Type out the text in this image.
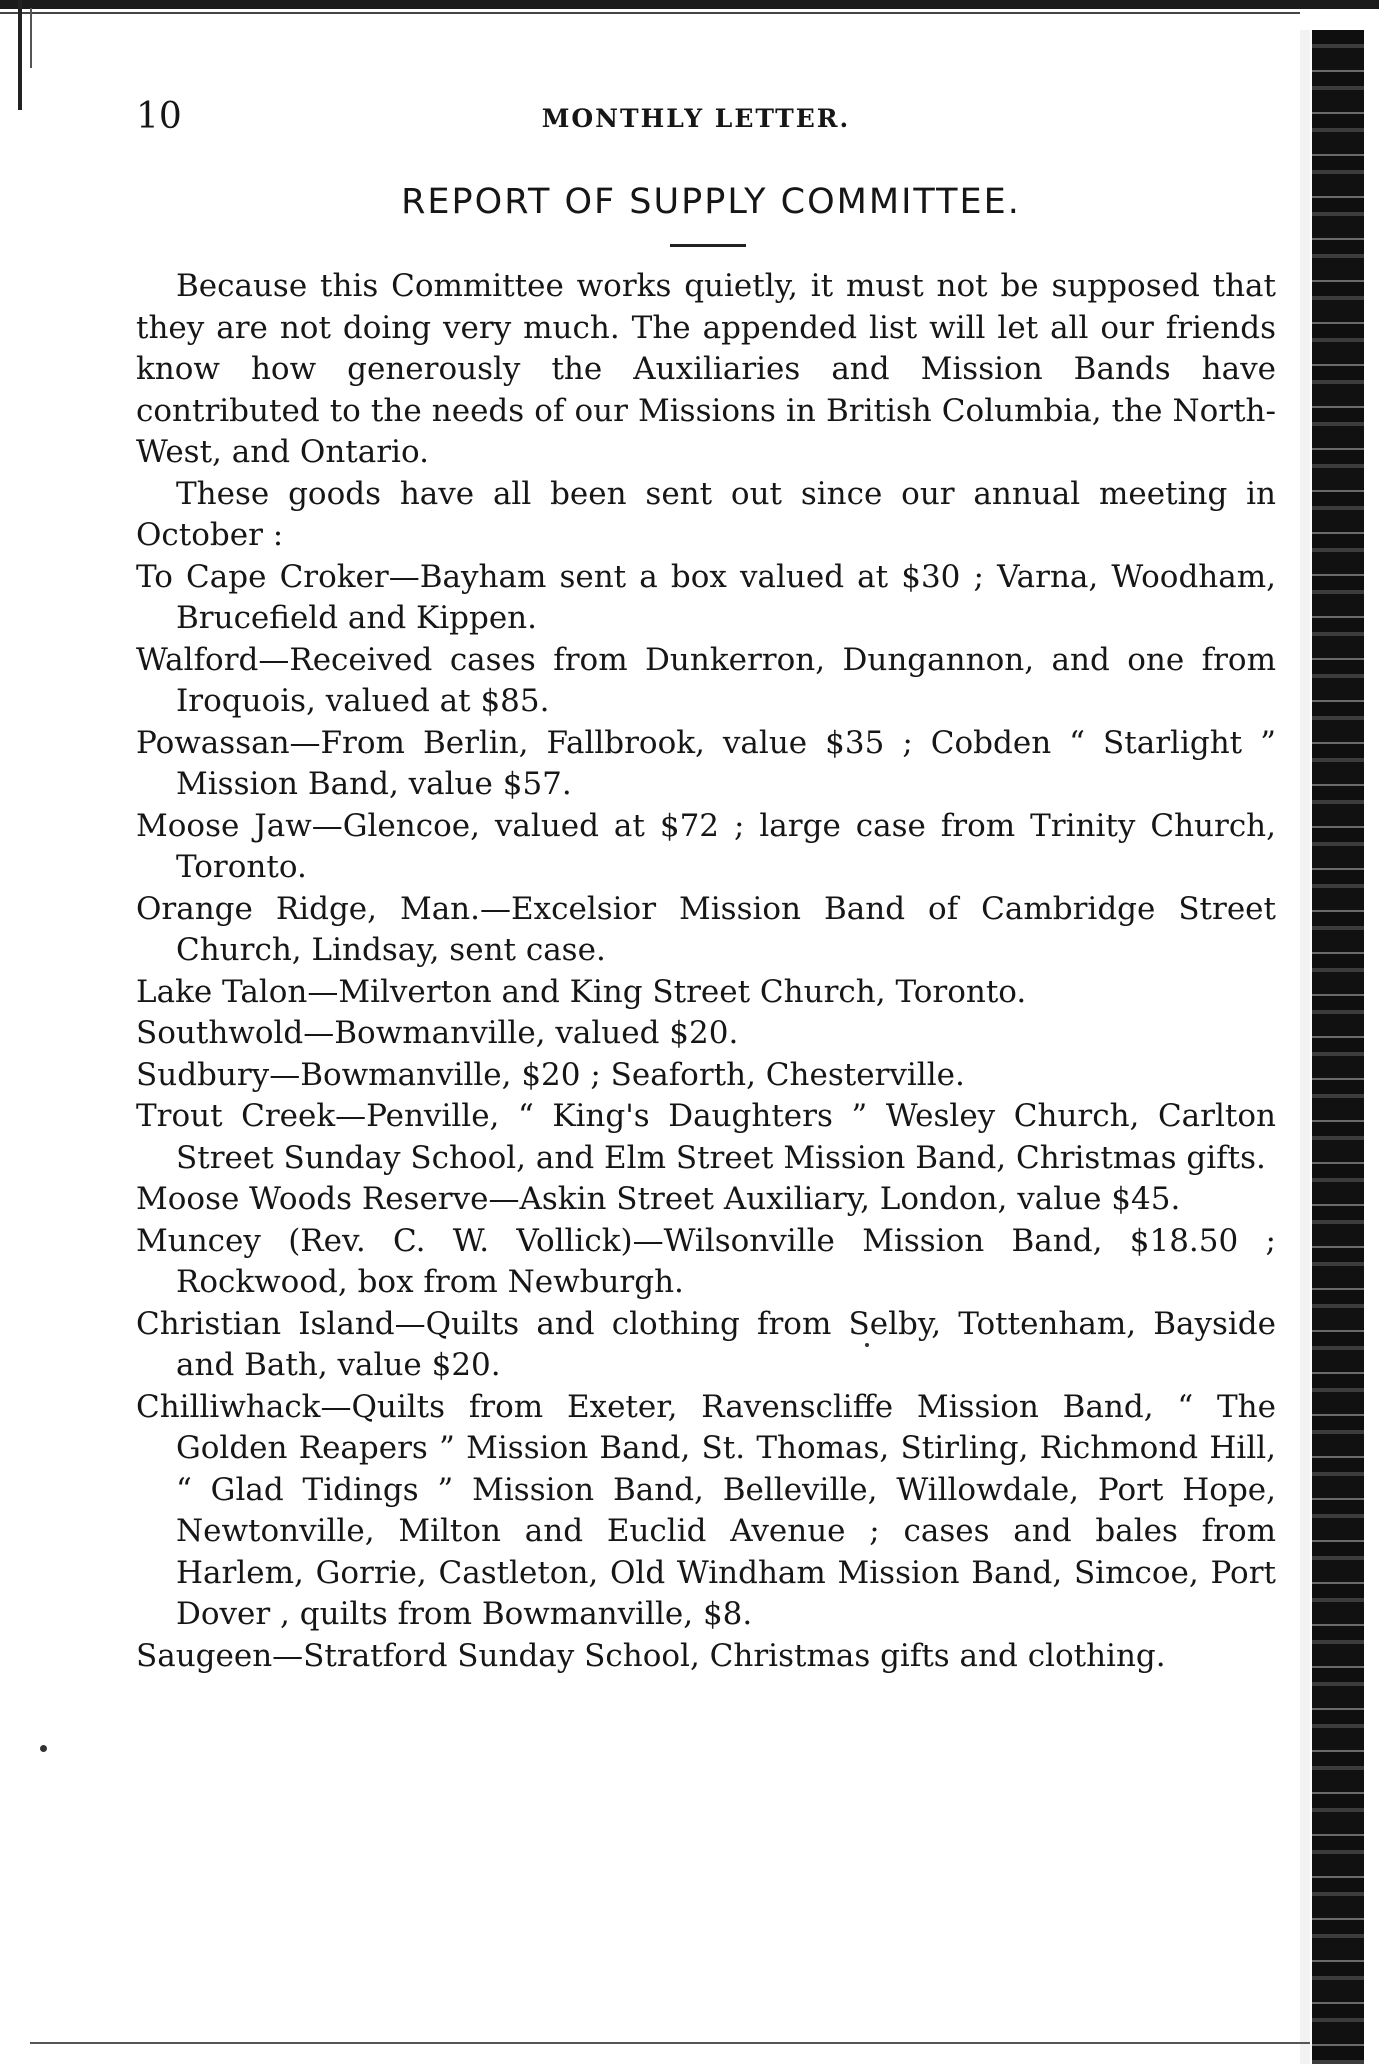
10	MONTHLY LETTER.
REPORT OF SUPPLY COMMITTEE.

Because this Committee works quietly, it must not be supposed that they are not doing very much. The appended list will let all our friends know how generously the Auxiliaries and Mission Bands have contributed to the needs of our Missions in British Columbia, the North-West, and Ontario.

These goods have all been sent out since our annual meeting in October :

To Cape Croker—Bayham sent a box valued at $30 ; Varna, Woodham, Brucefield and Kippen.

Walford—Received cases from Dunkerron, Dungannon, and one from Iroquois, valued at $85.

Powassan—From Berlin, Fallbrook, value $35 ; Cobden “ Starlight ” Mission Band, value $57.

Moose Jaw—Glencoe, valued at $72 ; large case from Trinity Church, Toronto.

Orange Ridge, Man.—Excelsior Mission Band of Cambridge Street Church, Lindsay, sent case.

Lake Talon—Milverton and King Street Church, Toronto.

Southwold—Bowmanville, valued $20.

Sudbury—Bowmanville, $20 ; Seaforth, Chesterville.

Trout Creek—Penville, “ King's Daughters ” Wesley Church, Carlton Street Sunday School, and Elm Street Mission Band, Christmas gifts.

Moose Woods Reserve—Askin Street Auxiliary, London, value $45.

Muncey (Rev. C. W. Vollick)—Wilsonville Mission Band, $18.50 ; Rockwood, box from Newburgh.

Christian Island—Quilts and clothing from Selby, Tottenham, Bayside and Bath, value $20.

Chilliwhack—Quilts from Exeter, Ravenscliffe Mission Band, “ The Golden Reapers ” Mission Band, St. Thomas, Stirling, Richmond Hill, “ Glad Tidings ” Mission Band, Belleville, Willowdale, Port Hope, Newtonville, Milton and Euclid Avenue ; cases and bales from Harlem, Gorrie, Castleton, Old Windham Mission Band, Simcoe, Port Dover , quilts from Bowmanville, $8.

Saugeen—Stratford Sunday School, Christmas gifts and clothing.
